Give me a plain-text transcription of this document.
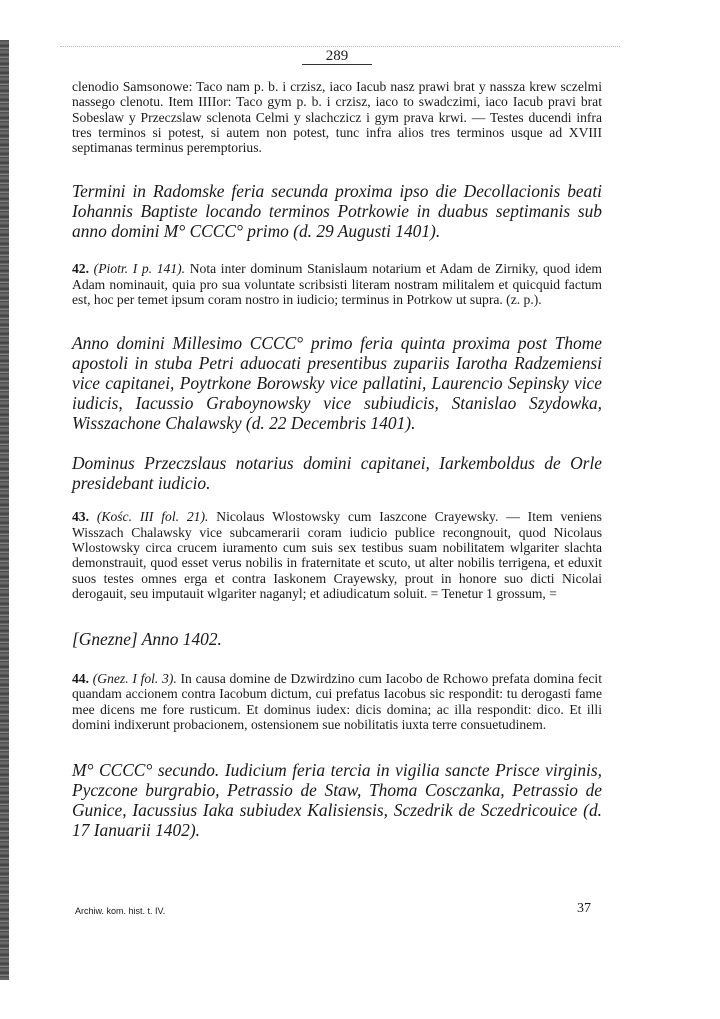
289

clenodio Samsonowe: Taco nam p. b. i crzisz, iaco Iacub nasz prawi brat y nassza krew sczelmi nassego clenotu. Item IIIIor: Taco gym p. b. i crzisz, iaco to swadczimi, iaco Iacub pravi brat Sobeslaw y Przeczslaw sclenota Celmi y slachczicz i gym prava krwi. — Testes ducendi infra tres terminos si potest, si autem non potest, tunc infra alios tres terminos usque ad XVIII septimanas terminus peremptorius.

Termini in Radomske feria secunda proxima ipso die Decollacionis beati Iohannis Baptiste locando terminos Potrkowie in duabus septimanis sub anno domini M° CCCC° primo (d. 29 Augusti 1401).

42. (Piotr. I p. 141). Nota inter dominum Stanislaum notarium et Adam de Zirniky, quod idem Adam nominauit, quia pro sua voluntate scribsisti literam nostram militalem et quicquid factum est, hoc per temet ipsum coram nostro in iudicio; terminus in Potrkow ut supra. (z. p.).

Anno domini Millesimo CCCC° primo feria quinta proxima post Thome apostoli in stuba Petri aduocati presentibus zupariis Iarotha Radzemiensi vice capitanei, Poytrkone Borowsky vice pallatini, Laurencio Sepinsky vice iudicis, Iacussio Graboynowsky vice subiudicis, Stanislao Szydowka, Wisszachone Chalawsky (d. 22 Decembris 1401).

Dominus Przeczslaus notarius domini capitanei, Iarkemboldus de Orle presidebant iudicio.

43. (Kośc. III fol. 21). Nicolaus Wlostowsky cum Iaszcone Crayewsky. — Item veniens Wisszach Chalawsky vice subcamerarii coram iudicio publice recongnouit, quod Nicolaus Wlostowsky circa crucem iuramento cum suis sex testibus suam nobilitatem wlgariter slachta demonstrauit, quod esset verus nobilis in fraternitate et scuto, ut alter nobilis terrigena, et eduxit suos testes omnes erga et contra Iaskonem Crayewsky, prout in honore suo dicti Nicolai derogauit, seu imputauit wlgariter naganyl; et adiudicatum soluit. = Tenetur 1 grossum, =

[Gnezne] Anno 1402.

44. (Gnez. I fol. 3). In causa domine de Dzwirdzino cum Iacobo de Rchowo prefata domina fecit quandam accionem contra Iacobum dictum, cui prefatus Iacobus sic respondit: tu derogasti fame mee dicens me fore rusticum. Et dominus iudex: dicis domina; ac illa respondit: dico. Et illi domini indixerunt probacionem, ostensionem sue nobilitatis iuxta terre consuetudinem.

M° CCCC° secundo. Iudicium feria tercia in vigilia sancte Prisce virginis, Pyczcone burgrabio, Petrassio de Staw, Thoma Cosczanka, Petrassio de Gunice, Iacussius Iaka subiudex Kalisiensis, Sczedrik de Sczedricouice (d. 17 Ianuarii 1402).

Archiw. kom. hist. t. IV.	37
